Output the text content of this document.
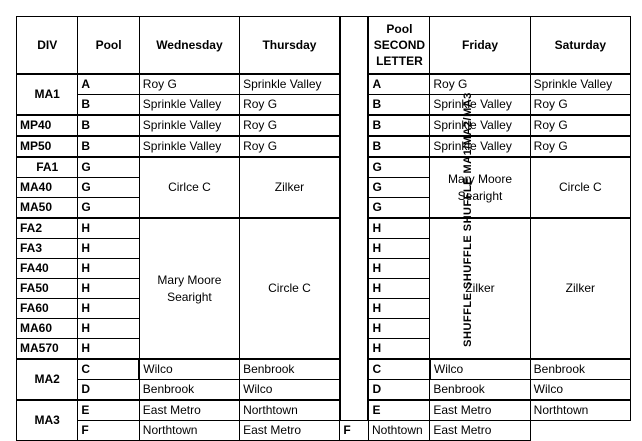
DIV	Pool	Wednesday	Thursday	SHUFFLE SHUFFLE SHUFFLE MA1/MA2/MA3	Pool SECOND LETTER	Friday	Saturday
MA1	A	Roy G	Sprinkle Valley		A	Roy G	Sprinkle Valley
	B	Sprinkle Valley	Roy G		B	Sprinkle Valley	Roy G
MP40	B	Sprinkle Valley	Roy G		B	Sprinkle Valley	Roy G
MP50	B	Sprinkle Valley	Roy G		B	Sprinkle Valley	Roy G
FA1	G	Cirlce C	Zilker		G	Mary Moore Searight	Circle C
MA40	G				G		
MA50	G				G		
FA2	H	Mary Moore Searight	Circle C		H	Zilker	Zilker
FA3	H				H		
FA40	H				H		
FA50	H				H		
FA60	H				H		
MA60	H				H		
MA570	H				H		
MA2	C	Wilco	Benbrook		C	Wilco	Benbrook
	D	Benbrook	Wilco		D	Benbrook	Wilco
MA3	E	East Metro	Northtown		E	East Metro	Northtown
	F	Northtown	East Metro	F	Nothtown	East Metro	
